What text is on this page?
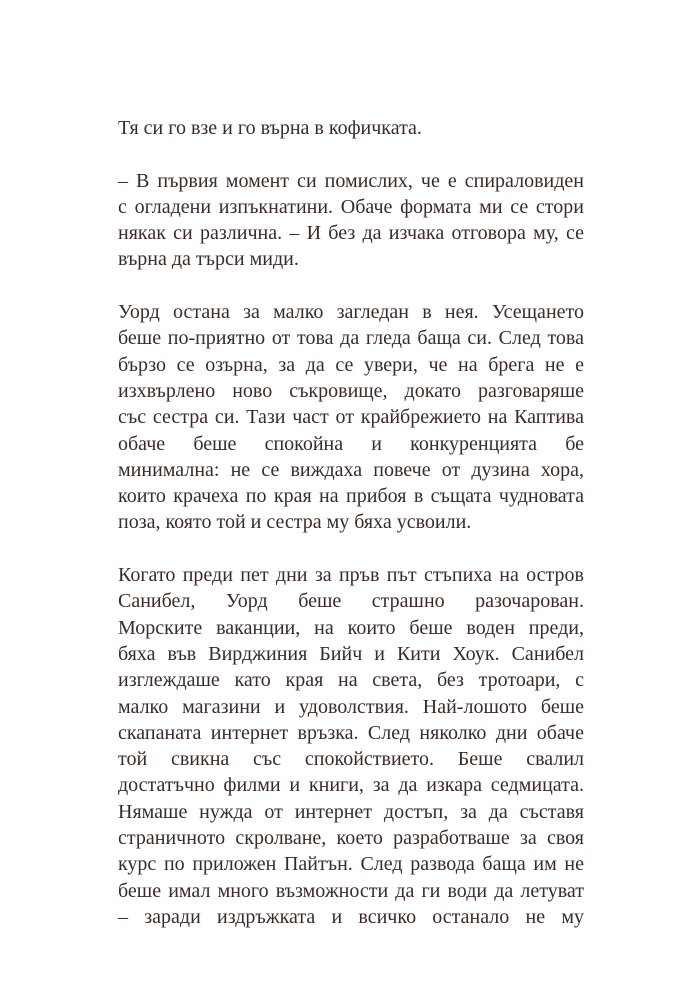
Тя си го взе и го върна в кофичката.
– В първия момент си помислих, че е спираловиден
с огладени изпъкнатини. Обаче формата ми се стори
някак си различна. – И без да изчака отговора му, се
върна да търси миди.
Уорд остана за малко загледан в нея. Усещането
беше по-приятно от това да гледа баща си. След това
бързо се озърна, за да се увери, че на брега не е
изхвърлено ново съкровище, докато разговаряше
със сестра си. Тази част от крайбрежието на Каптива
обаче беше спокойна и конкуренцията бе
минимална: не се виждаха повече от дузина хора,
които крачеха по края на прибоя в същата чудновата
поза, която той и сестра му бяха усвоили.
Когато преди пет дни за пръв път стъпиха на остров
Санибел, Уорд беше страшно разочарован.
Морските ваканции, на които беше воден преди,
бяха във Вирджиния Бийч и Кити Хоук. Санибел
изглеждаше като края на света, без тротоари, с
малко магазини и удоволствия. Най-лошото беше
скапаната интернет връзка. След няколко дни обаче
той свикна със спокойствието. Беше свалил
достатъчно филми и книги, за да изкара седмицата.
Нямаше нужда от интернет достъп, за да съставя
страничното скролване, което разработваше за своя
курс по приложен Пайтън. След развода баща им не
беше имал много възможности да ги води да летуват
– заради издръжката и всичко останало не му
